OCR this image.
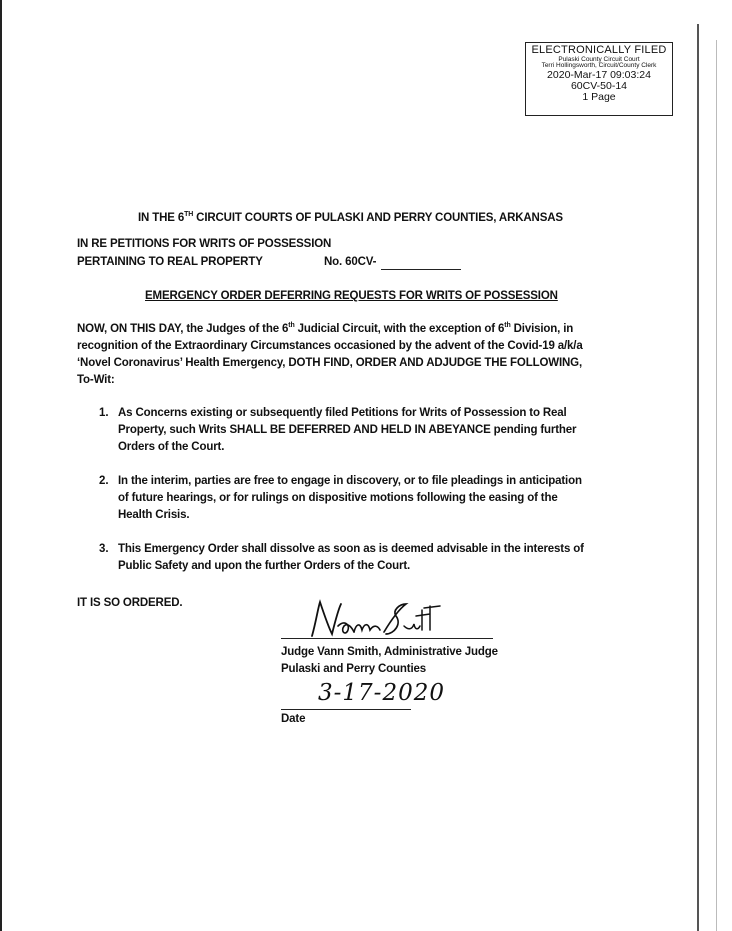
ELECTRONICALLY FILED
Pulaski County Circuit Court
Terri Hollingsworth, Circuit/County Clerk
2020-Mar-17 09:03:24
60CV-50-14
1 Page
IN THE 6TH CIRCUIT COURTS OF PULASKI AND PERRY COUNTIES, ARKANSAS
IN RE PETITIONS FOR WRITS OF POSSESSION
PERTAINING TO REAL PROPERTY	No. 60CV-
EMERGENCY ORDER DEFERRING REQUESTS FOR WRITS OF POSSESSION
NOW, ON THIS DAY, the Judges of the 6th Judicial Circuit, with the exception of 6th Division, in
recognition of the Extraordinary Circumstances occasioned by the advent of the Covid-19 a/k/a
‘Novel Coronavirus’ Health Emergency, DOTH FIND, ORDER AND ADJUDGE THE FOLLOWING,
To-Wit:
1. As Concerns existing or subsequently filed Petitions for Writs of Possession to Real
Property, such Writs SHALL BE DEFERRED AND HELD IN ABEYANCE pending further
Orders of the Court.
2. In the interim, parties are free to engage in discovery, or to file pleadings in anticipation
of future hearings, or for rulings on dispositive motions following the easing of the
Health Crisis.
3. This Emergency Order shall dissolve as soon as is deemed advisable in the interests of
Public Safety and upon the further Orders of the Court.
IT IS SO ORDERED.
Judge Vann Smith, Administrative Judge
Pulaski and Perry Counties
3-17-2020
Date
